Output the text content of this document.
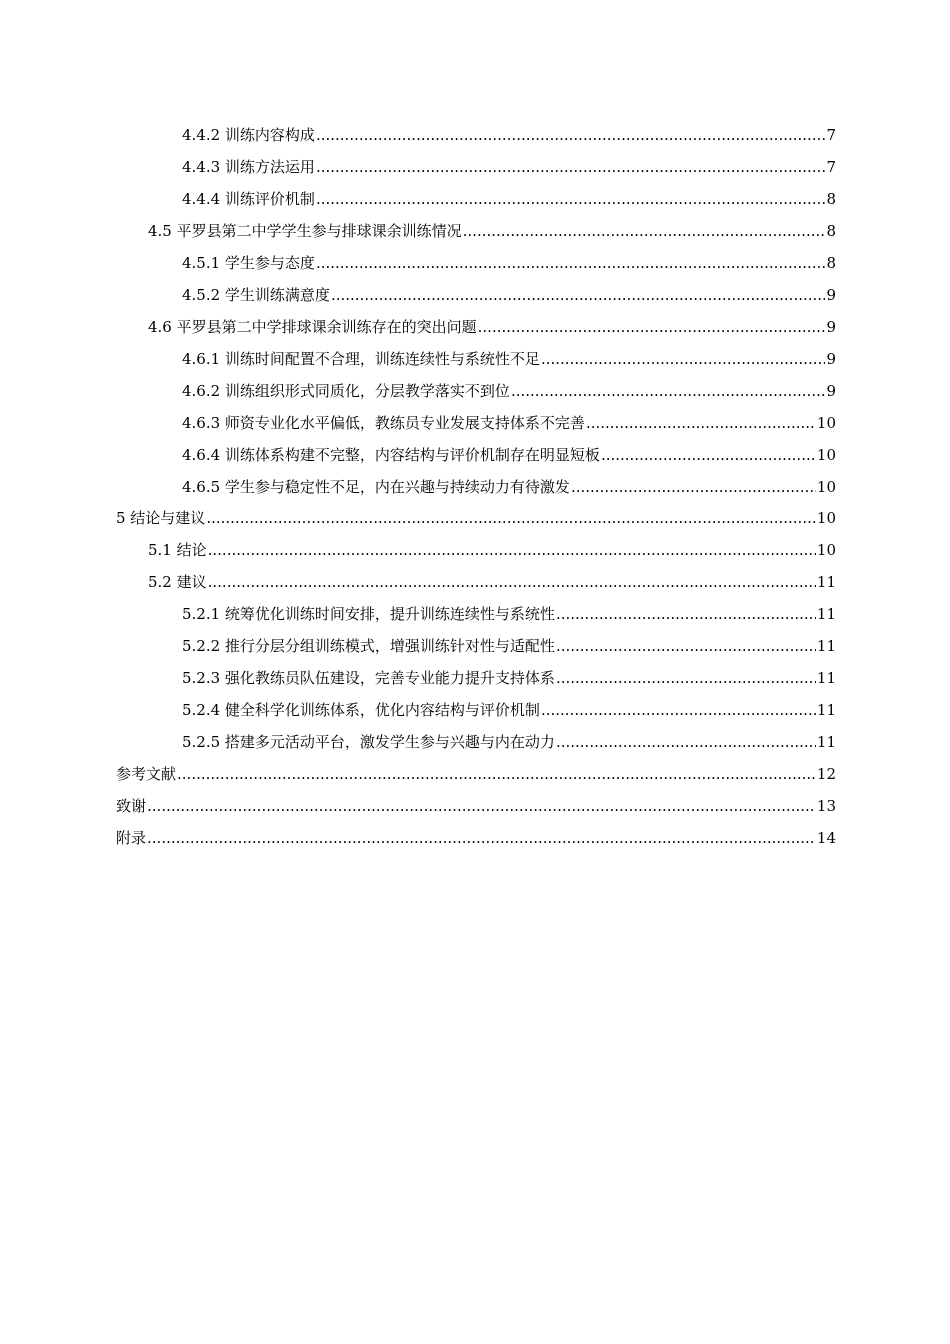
4.4.2 训练内容构成 .....	7
4.4.3 训练方法运用 .....	7
4.4.4 训练评价机制 .....	8
4.5 平罗县第二中学学生参与排球课余训练情况 .....	8
4.5.1 学生参与态度 .....	8
4.5.2 学生训练满意度 .....	9
4.6 平罗县第二中学排球课余训练存在的突出问题 .....	9
4.6.1 训练时间配置不合理，训练连续性与系统性不足 .....	9
4.6.2 训练组织形式同质化，分层教学落实不到位 .....	9
4.6.3 师资专业化水平偏低，教练员专业发展支持体系不完善 .....	10
4.6.4 训练体系构建不完整，内容结构与评价机制存在明显短板 .....	10
4.6.5 学生参与稳定性不足，内在兴趣与持续动力有待激发 .....	10
5 结论与建议 .....	10
5.1 结论 .....	10
5.2 建议 .....	11
5.2.1 统筹优化训练时间安排，提升训练连续性与系统性 .....	11
5.2.2 推行分层分组训练模式，增强训练针对性与适配性 .....	11
5.2.3 强化教练员队伍建设，完善专业能力提升支持体系 .....	11
5.2.4 健全科学化训练体系，优化内容结构与评价机制 .....	11
5.2.5 搭建多元活动平台，激发学生参与兴趣与内在动力 .....	11
参考文献 .....	12
致谢 .....	13
附录 .....	14
